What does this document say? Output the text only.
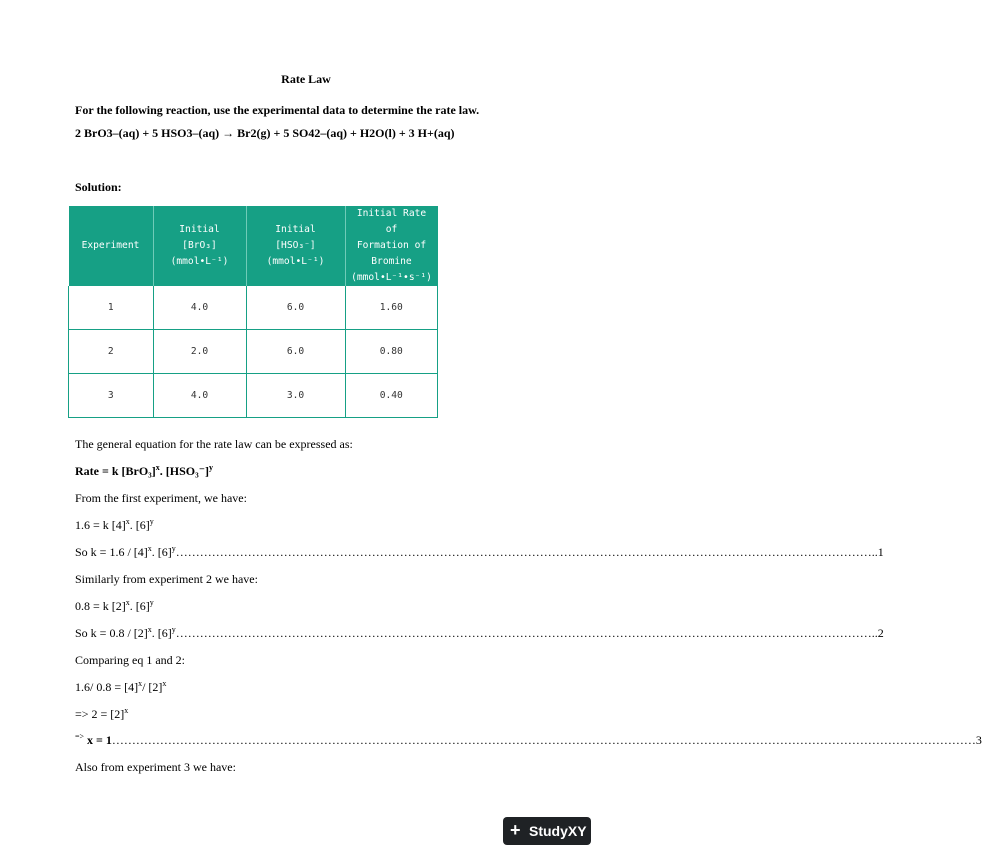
Rate Law
For the following reaction, use the experimental data to determine the rate law.
2 BrO3–(aq) + 5 HSO3–(aq) → Br2(g) + 5 SO42–(aq) + H2O(l) + 3 H+(aq)
Solution:
Experiment	Initial
[BrO₃]
(mmol•L⁻¹)	Initial
[HSO₃⁻]
(mmol•L⁻¹)	Initial Rate of
Formation of Bromine
(mmol•L⁻¹•s⁻¹)
1	4.0	6.0	1.60
2	2.0	6.0	0.80
3	4.0	3.0	0.40
The general equation for the rate law can be expressed as:
Rate = k $[BrO_3]^x$. $[HSO_3^-]^y$
From the first experiment, we have:
1.6 = k $[4]^x$. $[6]^y$
So $k = 1.6 / [4]^x$. $[6]^y\dots\dots\dots\dots\dots\dots\dots\dots\dots\dots\dots\dots\dots\dots\dots\dots\dots\dots\dots\dots\dots\dots\dots\dots\dots\dots\dots\dots\dots\dots\dots\dots\dots\dots\dots\dots\dots\dots\dots\dots\dots\dots\dots\dots\dots\dots\dots\dots\dots\dots\dots\dots\dots\dots\dots\dots\dots\dots..1$
Similarly from experiment 2 we have:
0.8 = k $[2]^x$. $[6]^y$
So $k = 0.8 / [2]^x$. $[6]^y\dots\dots\dots\dots\dots\dots\dots\dots\dots\dots\dots\dots\dots\dots\dots\dots\dots\dots\dots\dots\dots\dots\dots\dots\dots\dots\dots\dots\dots\dots\dots\dots\dots\dots\dots\dots\dots\dots\dots\dots\dots\dots\dots\dots\dots\dots\dots\dots\dots\dots\dots\dots\dots\dots\dots\dots\dots\dots..2$
Comparing eq 1 and 2:
1.6/ $0.8 = [4]^x/$ $[2]^x$
=> $2 = [2]^x$
=> x = 1………………………………………………………………………………………………………………………………………………………………………………………………3
Also from experiment 3 we have:
+ StudyXY
